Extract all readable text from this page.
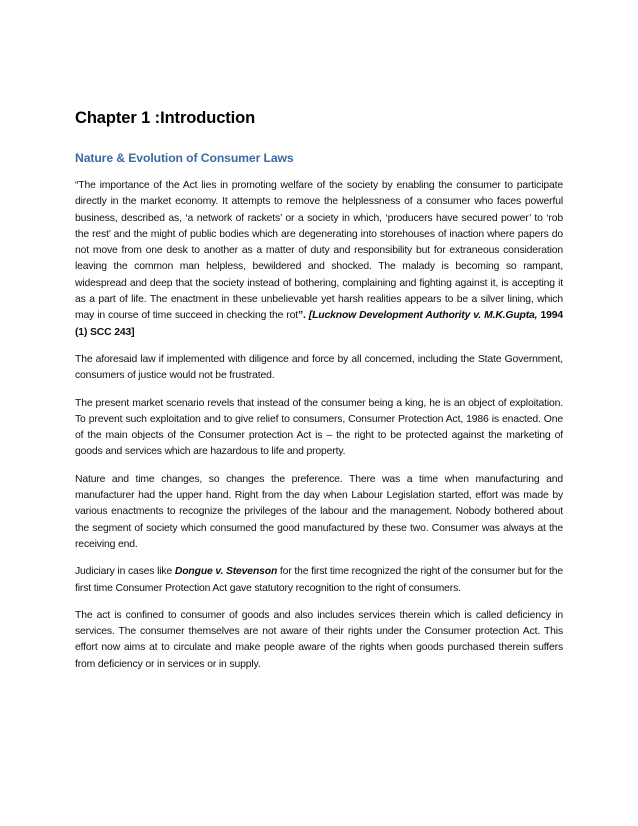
Chapter 1 :Introduction
Nature & Evolution of Consumer Laws

“The importance of the Act lies in promoting welfare of the society by enabling the consumer to participate directly in the market economy. It attempts to remove the helplessness of a consumer who faces powerful business, described as, ‘a network of rackets’ or a society in which, ‘producers have secured power’ to ‘rob the rest’ and the might of public bodies which are degenerating into storehouses of inaction where papers do not move from one desk to another as a matter of duty and responsibility but for extraneous consideration leaving the common man helpless, bewildered and shocked. The malady is becoming so rampant, widespread and deep that the society instead of bothering, complaining and fighting against it, is accepting it as a part of life. The enactment in these unbelievable yet harsh realities appears to be a silver lining, which may in course of time succeed in checking the rot”. [Lucknow Development Authority v. M.K.Gupta, 1994 (1) SCC 243]

The aforesaid law if implemented with diligence and force by all concerned, including the State Government, consumers of justice would not be frustrated.

The present market scenario revels that instead of the consumer being a king, he is an object of exploitation. To prevent such exploitation and to give relief to consumers, Consumer Protection Act, 1986 is enacted. One of the main objects of the Consumer protection Act is – the right to be protected against the marketing of goods and services which are hazardous to life and property.

Nature and time changes, so changes the preference. There was a time when manufacturing and manufacturer had the upper hand. Right from the day when Labour Legislation started, effort was made by various enactments to recognize the privileges of the labour and the management. Nobody bothered about the segment of society which consumed the good manufactured by these two. Consumer was always at the receiving end.

Judiciary in cases like Dongue v. Stevenson for the first time recognized the right of the consumer but for the first time Consumer Protection Act gave statutory recognition to the right of consumers.

The act is confined to consumer of goods and also includes services therein which is called deficiency in services. The consumer themselves are not aware of their rights under the Consumer protection Act. This effort now aims at to circulate and make people aware of the rights when goods purchased therein suffers from deficiency or in services or in supply.
